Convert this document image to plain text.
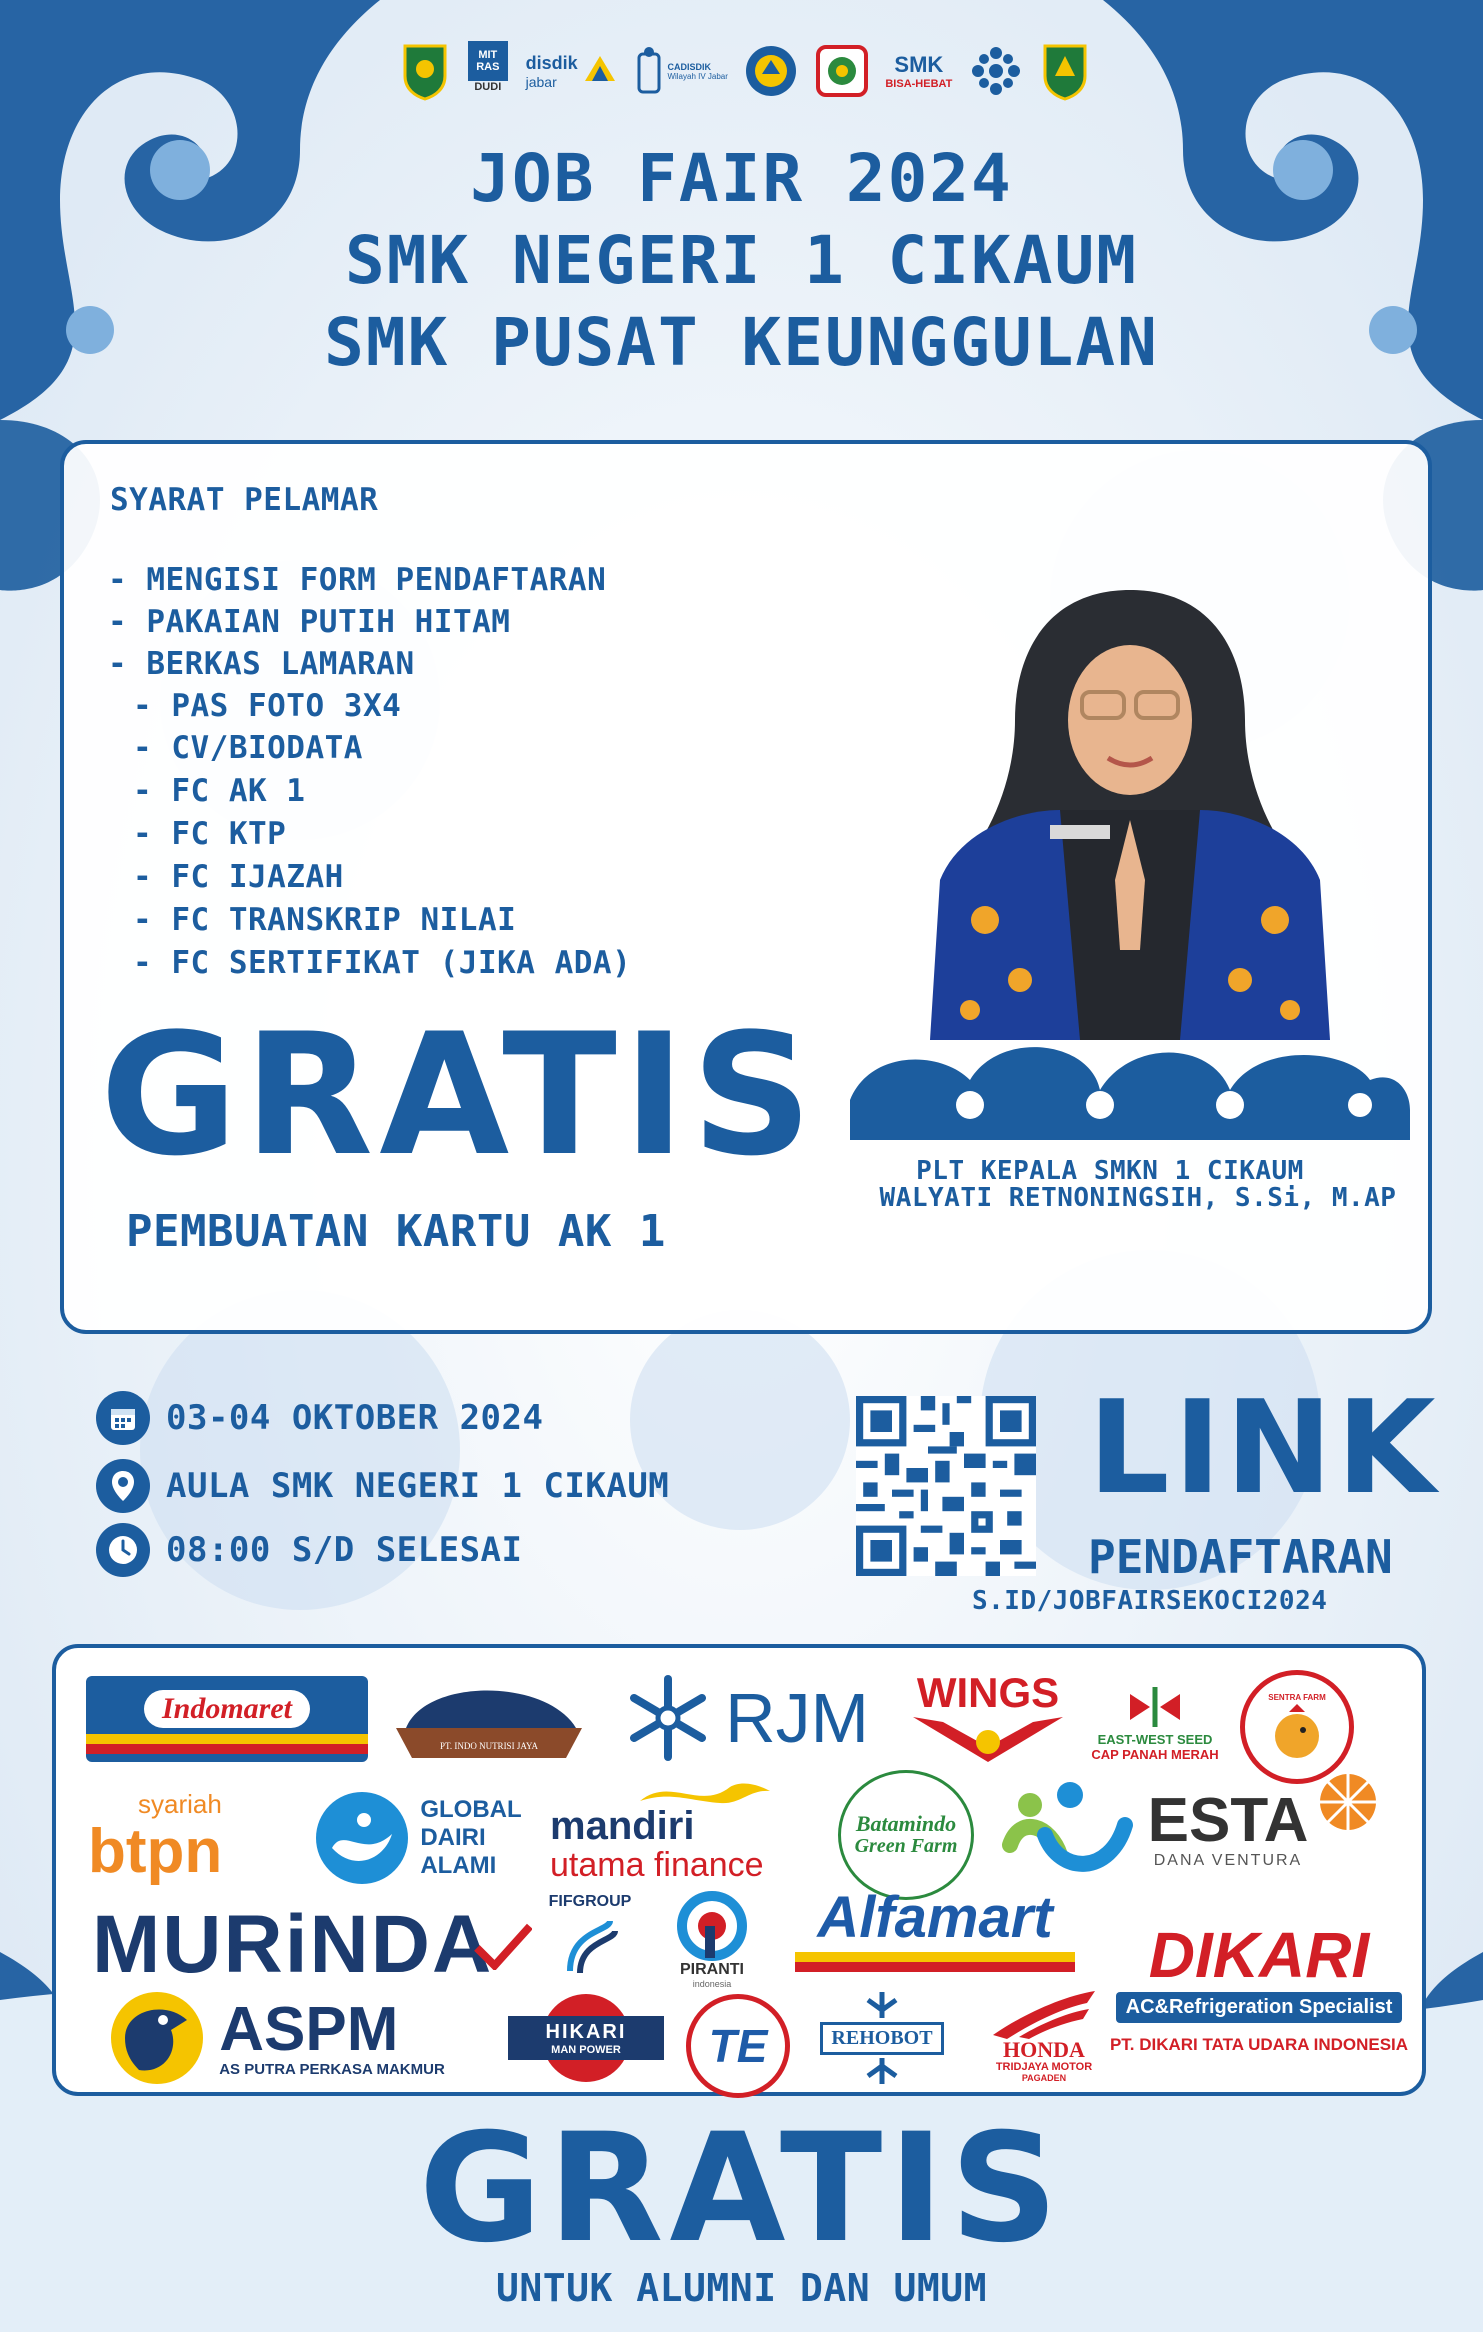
MIT RAS
DUDI
disdik
jabar
CADISDIK
Wilayah IV Jabar	SMK
BISA-HEBAT
JOB FAIR 2024
SMK NEGERI 1 CIKAUM
SMK PUSAT KEUNGGULAN
SYARAT PELAMAR
- MENGISI FORM PENDAFTARAN
- PAKAIAN PUTIH HITAM
- BERKAS LAMARAN
- PAS FOTO 3X4
- CV/BIODATA
- FC AK 1
- FC KTP
- FC IJAZAH
- FC TRANSKRIP NILAI
- FC SERTIFIKAT (JIKA ADA)
GRATIS
PEMBUATAN KARTU AK 1
PLT KEPALA SMKN 1 CIKAUM
WALYATI RETNONINGSIH, S.Si, M.AP
03-04 OKTOBER 2024
AULA SMK NEGERI 1 CIKAUM
08:00 S/D SELESAI
LINK
PENDAFTARAN
S.ID/JOBFAIRSEKOCI2024
Indomaret
PT. INDO NUTRISI JAYA	RJM WINGS
EAST-WEST SEED
CAP PANAH MERAH
SENTRA FARM
syariah
btpn
GLOBAL
DAIRI
ALAMI
mandiri
utama finance
Batamindo
Green Farm	ESTA
DANA VENTURA
MURiNDA	FIFGROUP
PIRANTI
indonesia
Alfamart
DIKARI
AC&Refrigeration Specialist
PT. DIKARI TATA UDARA INDONESIA
ASPM
AS PUTRA PERKASA MAKMUR
HIKARI
MAN POWER TE	REHOBOT	HONDA
TRIDJAYA MOTOR
PAGADEN
GRATIS
UNTUK ALUMNI DAN UMUM
